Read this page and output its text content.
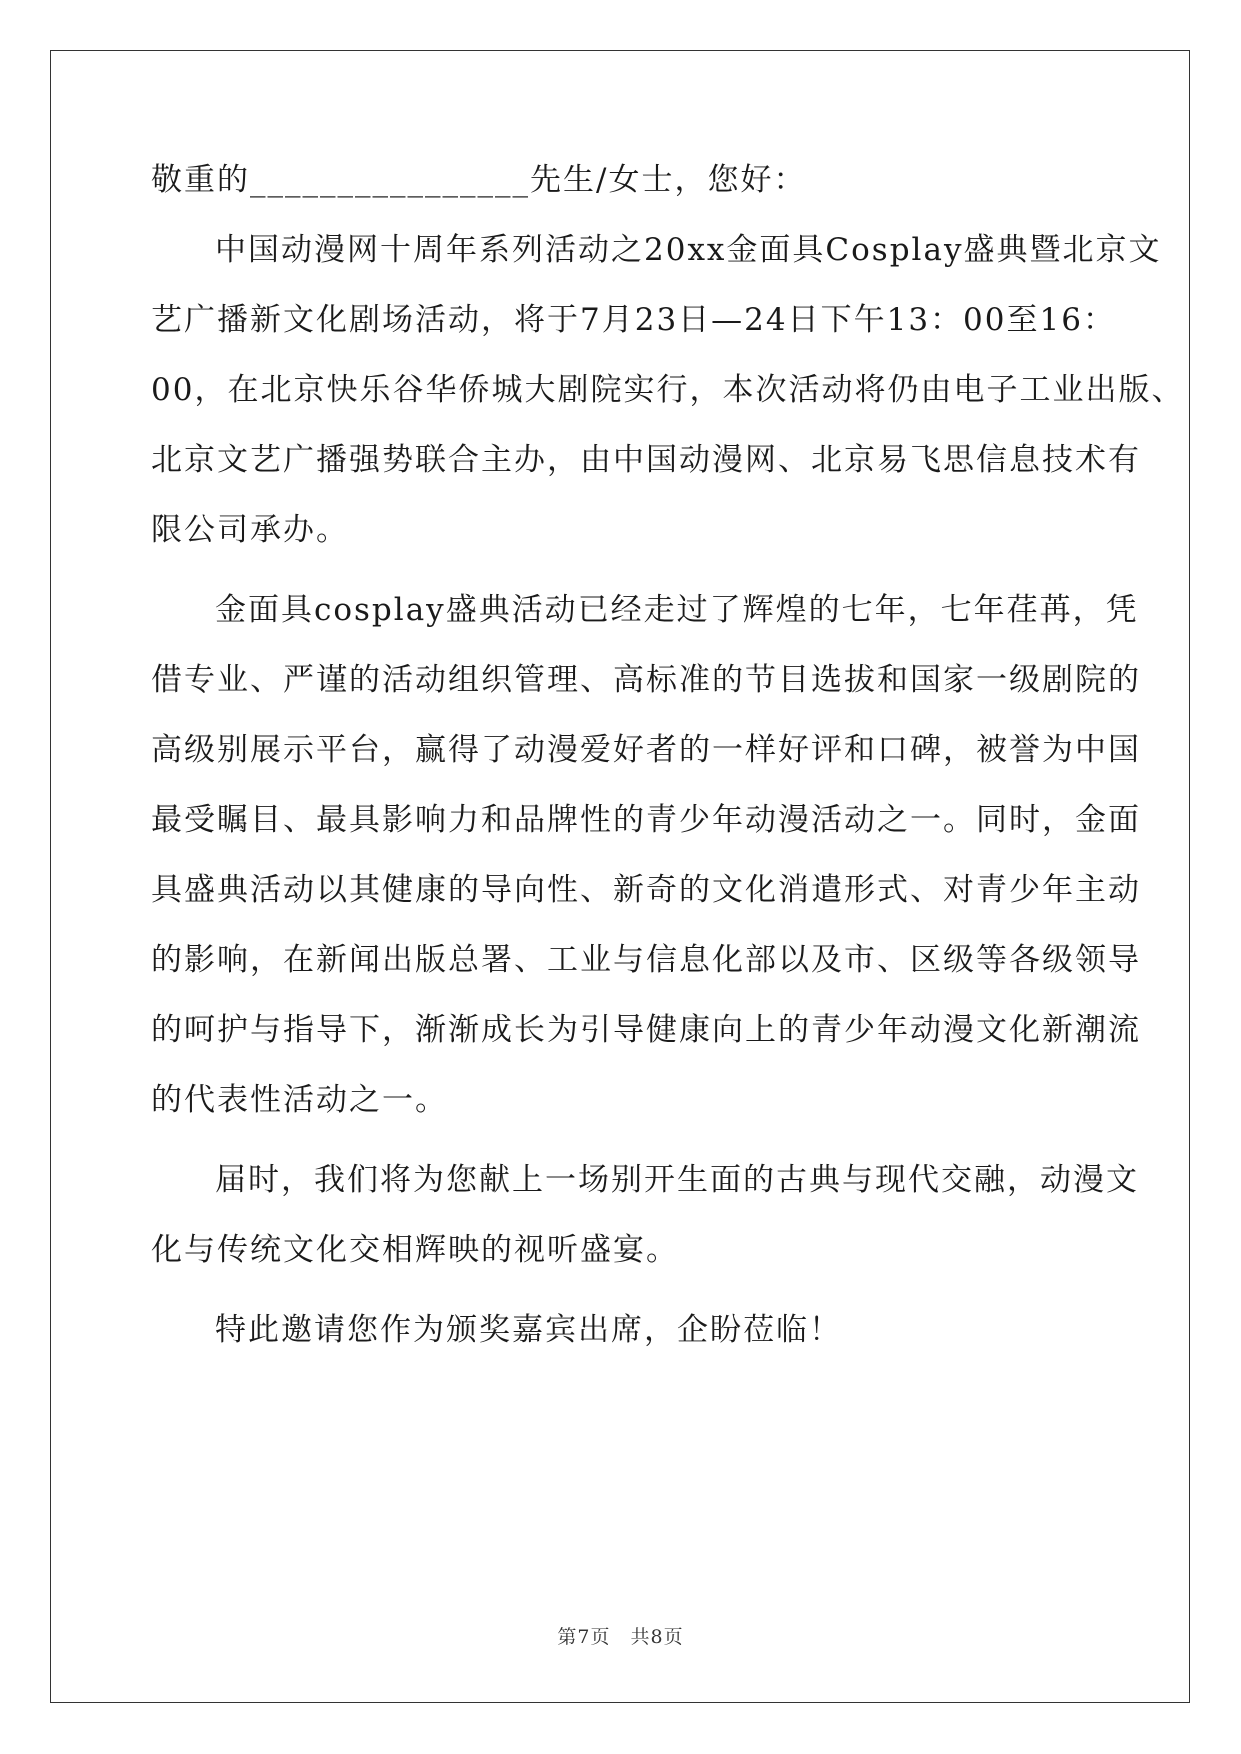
敬重的________________先生/女士，您好：
中国动漫网十周年系列活动之20xx金面具Cosplay盛典暨北京文
艺广播新文化剧场活动，将于7月23日—24日下午13：00至16：
00，在北京快乐谷华侨城大剧院实行，本次活动将仍由电子工业出版、
北京文艺广播强势联合主办，由中国动漫网、北京易飞思信息技术有
限公司承办。
金面具cosplay盛典活动已经走过了辉煌的七年，七年荏苒，凭
借专业、严谨的活动组织管理、高标准的节目选拔和国家一级剧院的
高级别展示平台，赢得了动漫爱好者的一样好评和口碑，被誉为中国
最受瞩目、最具影响力和品牌性的青少年动漫活动之一。同时，金面
具盛典活动以其健康的导向性、新奇的文化消遣形式、对青少年主动
的影响，在新闻出版总署、工业与信息化部以及市、区级等各级领导
的呵护与指导下，渐渐成长为引导健康向上的青少年动漫文化新潮流
的代表性活动之一。
届时，我们将为您献上一场别开生面的古典与现代交融，动漫文
化与传统文化交相辉映的视听盛宴。
特此邀请您作为颁奖嘉宾出席，企盼莅临！
第7页　共8页
